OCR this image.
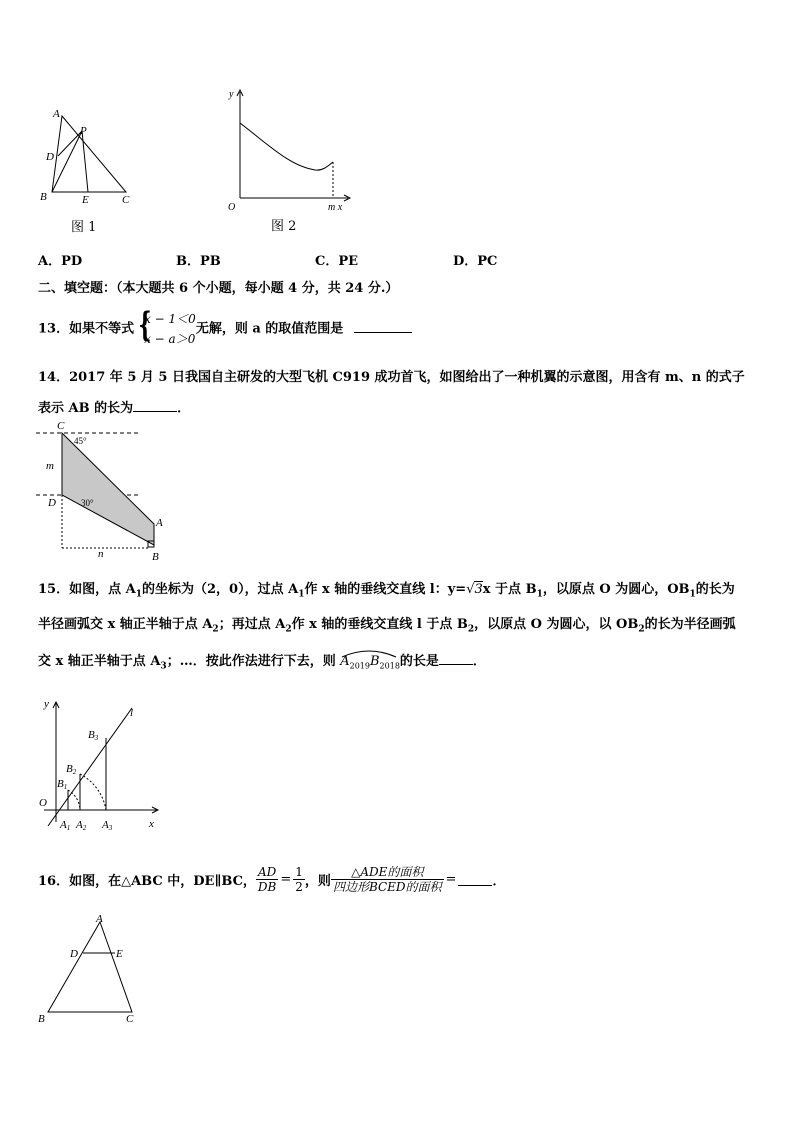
A
P
D
B	E	C
图 1
y
O	m x
图 2
A．PD	B．PB	C．PE	D．PC
二、填空题：（本大题共 6 个小题，每小题 4 分，共 24 分.）
13．如果不等式 {
x − 1＜0
x − a＞0
无解，则 a 的取值范围是
14．2017 年 5 月 5 日我国自主研发的大型飞机 C919 成功首飞，如图给出了一种机翼的示意图，用含有 m、n 的式子
表示 AB 的长为	．
C
m
D
A
B
n
45°
30°
15．如图，点 $A_1$的坐标为（2，0），过点 $A_1$作 x 轴的垂线交直线 l：y=√3x 于点 $B_1$，以原点 O 为圆心，$OB_1$的长为
半径画弧交 x 轴正半轴于点 $A_2$；再过点 $A_2$作 x 轴的垂线交直线 l 于点 $B_2$，以原点 O 为圆心，以 $OB_2$的长为半径画弧
交 x 轴正半轴于点 $A_3$；…．按此作法进行下去，则 $A_{2019}B_{2018}$
的长是	．
y
l
O
x
B1
B2
B3
A1 A2 A3
16．如图，在△ABC 中，DE∥BC， $\frac{AD}{DB} = \frac{1}{2}$ ，则 $\frac{\text{△ADE的面积}}{\text{四边形BCED的面积}}$ =	．
A
D	E
B	C
